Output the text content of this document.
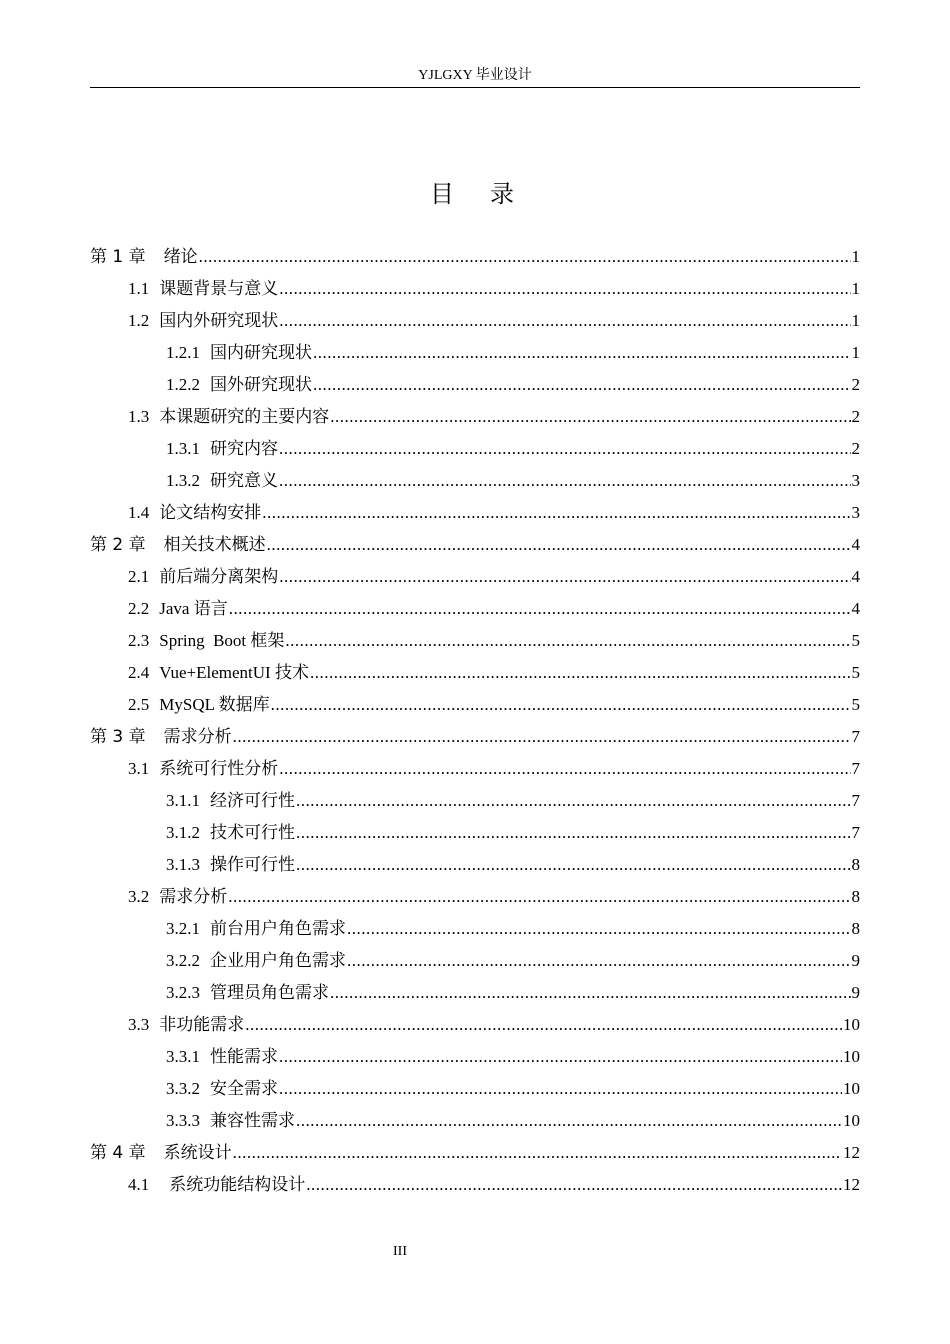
YJLGXY 毕业设计
目录
第 1 章 绪论 .....	1
1.1 课题背景与意义 .....	1
1.2 国内外研究现状 .....	1
1.2.1 国内研究现状 .....	1
1.2.2 国外研究现状 .....	2
1.3 本课题研究的主要内容 .....	2
1.3.1 研究内容 .....	2
1.3.2 研究意义 .....	3
1.4 论文结构安排 .....	3
第 2 章 相关技术概述 .....	4
2.1 前后端分离架构 .....	4
2.2 Java 语言 .....	4
2.3 Spring  Boot 框架 .....	5
2.4 Vue+ElementUI 技术 .....	5
2.5 MySQL 数据库 .....	5
第 3 章 需求分析 .....	7
3.1 系统可行性分析 .....	7
3.1.1 经济可行性 .....	7
3.1.2 技术可行性 .....	7
3.1.3 操作可行性 .....	8
3.2 需求分析 .....	8
3.2.1 前台用户角色需求 .....	8
3.2.2 企业用户角色需求 .....	9
3.2.3 管理员角色需求 .....	9
3.3 非功能需求 .....	10
3.3.1 性能需求 .....	10
3.3.2 安全需求 .....	10
3.3.3 兼容性需求 .....	10
第 4 章 系统设计 .....	12
4.1 系统功能结构设计 .....	12
III
